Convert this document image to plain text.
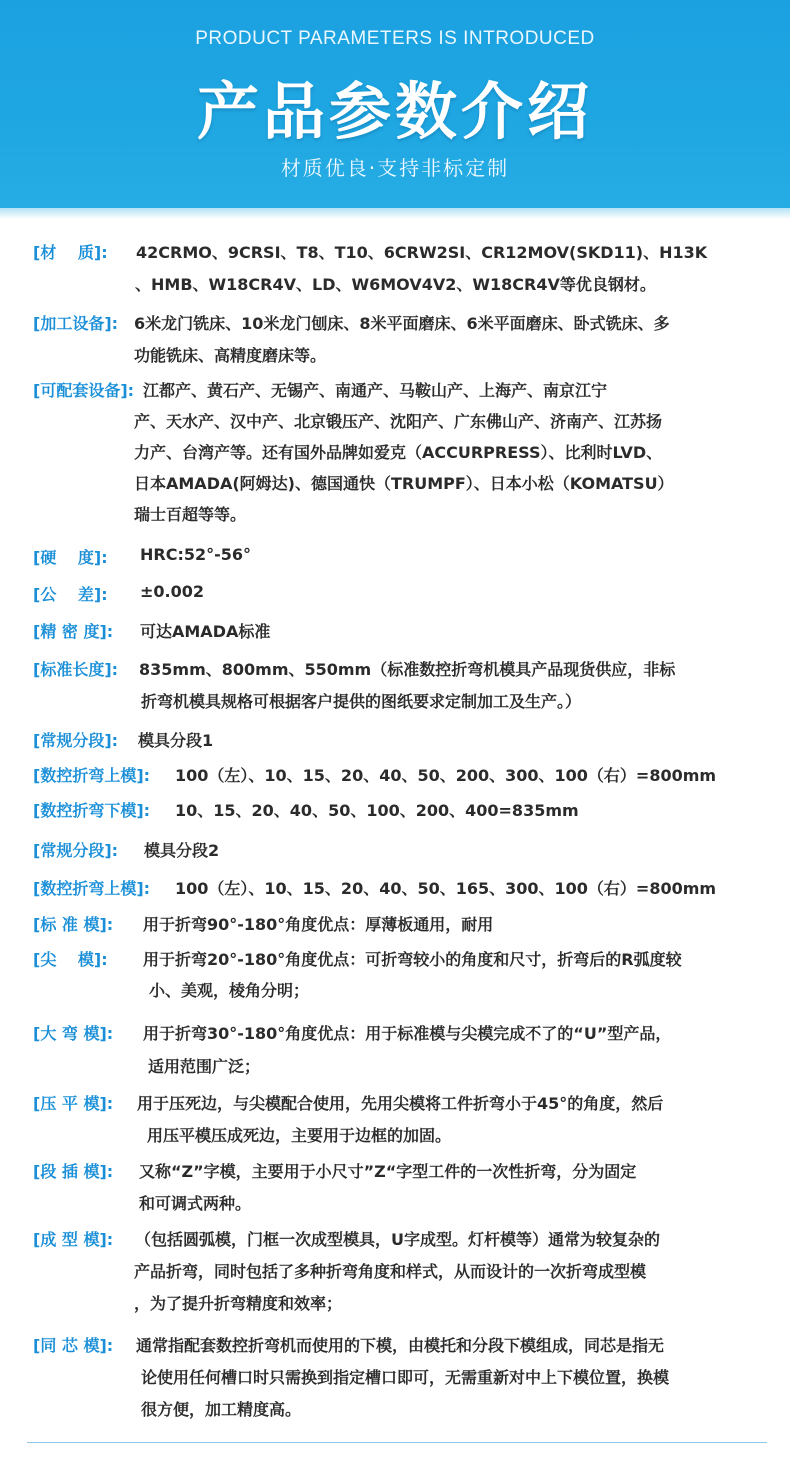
PRODUCT PARAMETERS IS INTRODUCED
产品参数介绍
材质优良·支持非标定制
[材　 质]: 42CRMO、9CRSI、T8、T10、6CRW2SI、CR12MOV(SKD11)、H13K
、HMB、W18CR4V、LD、W6MOV4V2、W18CR4V等优良钢材。
[加工设备]: 6米龙门铣床、10米龙门刨床、8米平面磨床、6米平面磨床、卧式铣床、多
功能铣床、高精度磨床等。
[可配套设备]: 江都产、黄石产、无锡产、南通产、马鞍山产、上海产、南京江宁
产、天水产、汉中产、北京锻压产、沈阳产、广东佛山产、济南产、江苏扬
力产、台湾产等。还有国外品牌如爱克（ACCURPRESS）、比利时LVD、
日本AMADA(阿姆达)、德国通快（TRUMPF）、日本小松（KOMATSU）
瑞士百超等等。
[硬　 度]: HRC:52°-56°
[公　 差]: ±0.002
[精 密 度]: 可达AMADA标准
[标准长度]: 835mm、800mm、550mm（标准数控折弯机模具产品现货供应，非标
折弯机模具规格可根据客户提供的图纸要求定制加工及生产。）
[常规分段]: 模具分段1
[数控折弯上模]: 100（左）、10、15、20、40、50、200、300、100（右）=800mm
[数控折弯下模]: 10、15、20、40、50、100、200、400=835mm
[常规分段]: 模具分段2
[数控折弯上模]: 100（左）、10、15、20、40、50、165、300、100（右）=800mm
[标 准 模]: 用于折弯90°-180°角度优点：厚薄板通用，耐用
[尖　 模]: 用于折弯20°-180°角度优点：可折弯较小的角度和尺寸，折弯后的R弧度较
小、美观，棱角分明；
[大 弯 模]: 用于折弯30°-180°角度优点：用于标准模与尖模完成不了的“U”型产品，
适用范围广泛；
[压 平 模]: 用于压死边，与尖模配合使用，先用尖模将工件折弯小于45°的角度，然后
用压平模压成死边，主要用于边框的加固。
[段 插 模]: 又称“Z”字模，主要用于小尺寸”Z“字型工件的一次性折弯，分为固定
和可调式两种。
[成 型 模]: （包括圆弧模，门框一次成型模具，U字成型。灯杆模等）通常为较复杂的
产品折弯，同时包括了多种折弯角度和样式，从而设计的一次折弯成型模
，为了提升折弯精度和效率；
[同 芯 模]: 通常指配套数控折弯机而使用的下模，由模托和分段下模组成，同芯是指无
论使用任何槽口时只需换到指定槽口即可，无需重新对中上下模位置，换模
很方便，加工精度高。
